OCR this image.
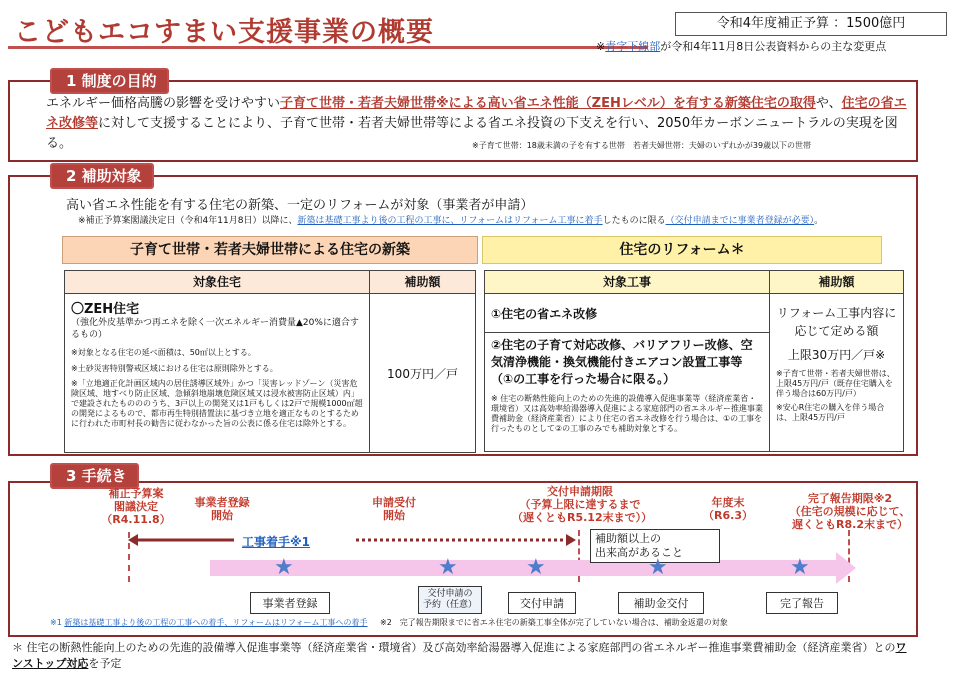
こどもエコすまい支援事業の概要	令和4年度補正予算 ：1500億円
※青字下線部が令和4年11月8日公表資料からの主な変更点
1 制度の目的
エネルギー価格高騰の影響を受けやすい子育て世帯・若者夫婦世帯※による高い省エネ性能（ZEHレベル）を有する新築住宅の取得や、住宅の省エネ改修等に対して支援することにより、子育て世帯・若者夫婦世帯等による省エネ投資の下支えを行い、2050年カーボンニュートラルの実現を図る。	※子育て世帯：18歳未満の子を有する世帯　若者夫婦世帯：夫婦のいずれかが39歳以下の世帯
2 補助対象
高い省エネ性能を有する住宅の新築、一定のリフォームが対象（事業者が申請）
※補正予算案閣議決定日（令和4年11月8日）以降に、新築は基礎工事より後の工程の工事に、リフォームはリフォーム工事に着手したものに限る（交付申請までに事業者登録が必要）。
子育て世帯・若者夫婦世帯による住宅の新築
対象住宅	補助額

〇ZEH住宅
（強化外皮基準かつ再エネを除く一次エネルギー消費量▲20%に適合するもの）
※対象となる住宅の延べ面積は、50㎡以上とする。
※土砂災害特別警戒区域における住宅は原則除外とする。
※「立地適正化計画区域内の居住誘導区域外」かつ「災害レッドゾーン（災害危険区域、地すべり防止区域、急傾斜地崩壊危険区域又は浸水被害防止区域）内」で建設されたものののうち、3戸以上の開発又は1戸もしくは2戸で規模1000㎡超の開発によるもので、都市再生特別措置法に基づき立地を適正なものとするために行われた市町村長の勧告に従わなかった旨の公表に係る住宅は除外とする。	100万円／戸
住宅のリフォーム＊
対象工事	補助額
①住宅の省エネ改修	リフォーム工事内容に応じて定める額
上限30万円／戸※
※子育て世帯・若者夫婦世帯は、上限45万円/戸（既存住宅購入を伴う場合は60万円/戸）
※安心R住宅の購入を伴う場合は、上限45万円/戸

②住宅の子育て対応改修、バリアフリー改修、空気清浄機能・換気機能付きエアコン設置工事等（①の工事を行った場合に限る。）
※ 住宅の断熱性能向上のための先進的設備導入促進事業等（経済産業省・環境省）又は高効率給湯器導入促進による家庭部門の省エネルギー推進事業費補助金（経済産業省）により住宅の省エネ改修を行う場合は、①の工事を行ったものとして②の工事のみでも補助対象とする。	
3 手続き
補正予算案
閣議決定
（R4.11.8）
事業者登録
開始
申請受付
開始
交付申請期限
（予算上限に達するまで
（遅くともR5.12末まで））
年度末
（R6.3）
完了報告期限※2
（住宅の規模に応じて、
遅くともR8.2末まで）
工事着手※1	補助額以上の
出来高があること
★	★	★	★	★
事業者登録
交付申請の
予約（任意）	交付申請	補助金交付	完了報告
※1 新築は基礎工事より後の工程の工事への着手、リフォームはリフォーム工事への着手 ※2　完了報告期限までに省エネ住宅の新築工事全体が完了していない場合は、補助金返還の対象
＊ 住宅の断熱性能向上のための先進的設備導入促進事業等（経済産業省・環境省）及び高効率給湯器導入促進による家庭部門の省エネルギー推進事業費補助金（経済産業省）とのワンストップ対応を予定
